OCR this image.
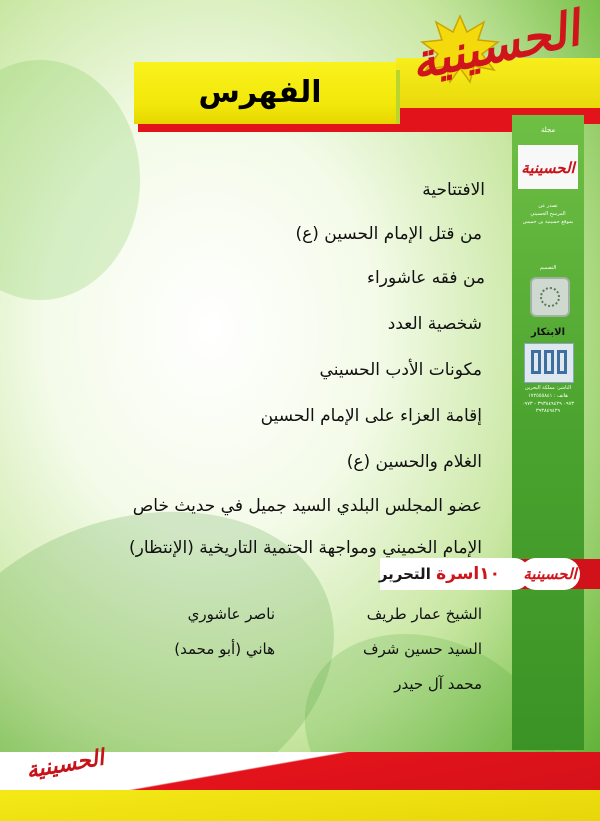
الفهرس
الحسينية
مجلة
الحسينية
تصدر عن
المرسح الحسيني
بموقع حسينية بن خميس
التصميم
الابتكار
الناشر: مملكة البحرين
هاتف : ١٧٢٥٥٥٨٤١
٠٩٧٣ ٣٩٣٨٤٩٤٢٩ - ٠٩٧٣ ٣٩٣٨٤٩٤٢٩
الافتتاحية
من قتل الإمام الحسين (ع)
من فقه عاشوراء
شخصية العدد
مكونات الأدب الحسيني
إقامة العزاء على الإمام الحسين
الغلام والحسين (ع)
عضو المجلس البلدي السيد جميل في حديث خاص
الإمام الخميني ومواجهة الحتمية التاريخية (الإنتظار)
الحسينية
١٠اسرة التحرير
الشيخ عمار طريف
السيد حسين شرف
محمد آل حيدر
ناصر عاشوري
هاني (أبو محمد)
الحسينية
